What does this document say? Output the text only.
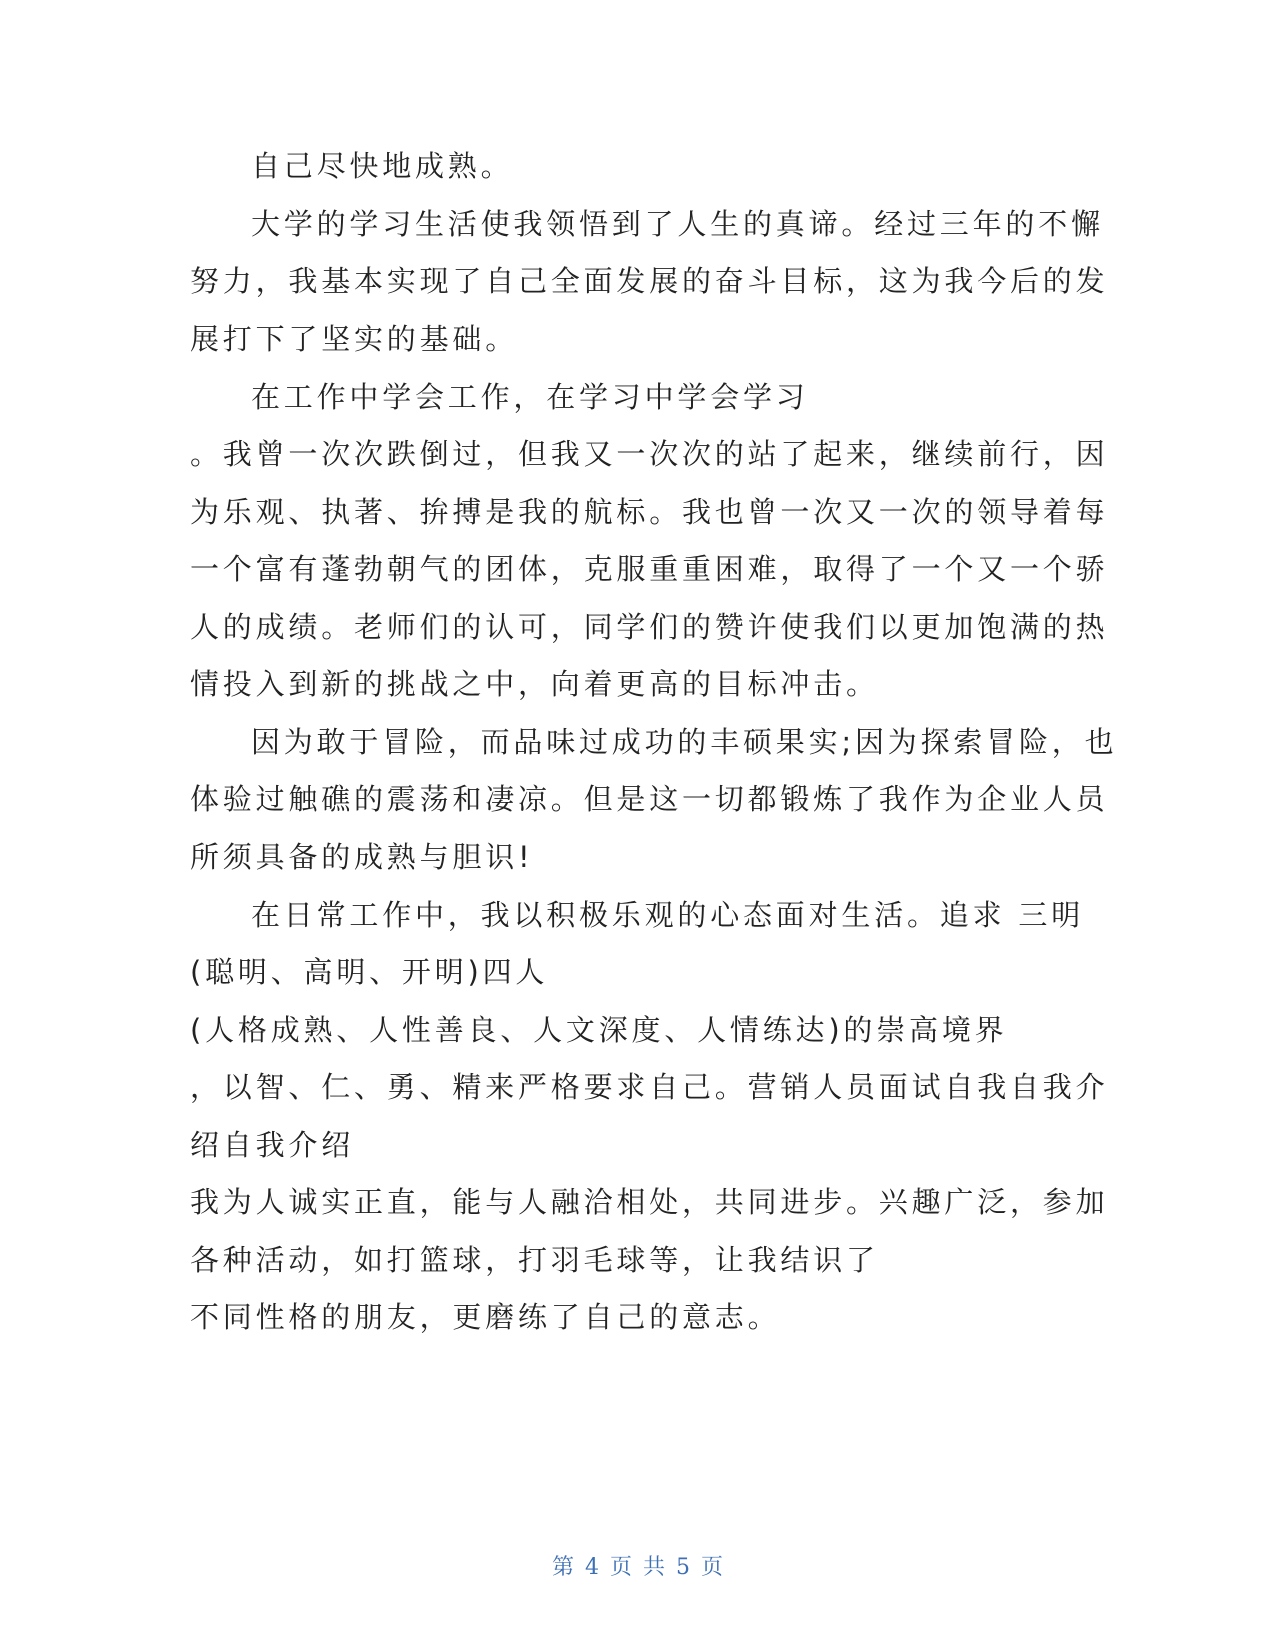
自己尽快地成熟。
大学的学习生活使我领悟到了人生的真谛。经过三年的不懈
努力，我基本实现了自己全面发展的奋斗目标，这为我今后的发
展打下了坚实的基础。
在工作中学会工作，在学习中学会学习
。我曾一次次跌倒过，但我又一次次的站了起来，继续前行，因
为乐观、执著、拚搏是我的航标。我也曾一次又一次的领导着每
一个富有蓬勃朝气的团体，克服重重困难，取得了一个又一个骄
人的成绩。老师们的认可，同学们的赞许使我们以更加饱满的热
情投入到新的挑战之中，向着更高的目标冲击。
因为敢于冒险，而品味过成功的丰硕果实;因为探索冒险，也
体验过触礁的震荡和凄凉。但是这一切都锻炼了我作为企业人员
所须具备的成熟与胆识!
在日常工作中，我以积极乐观的心态面对生活。追求 三明
(聪明、高明、开明)四人
(人格成熟、人性善良、人文深度、人情练达)的崇高境界
，以智、仁、勇、精来严格要求自己。营销人员面试自我自我介
绍自我介绍
我为人诚实正直，能与人融洽相处，共同进步。兴趣广泛，参加
各种活动，如打篮球，打羽毛球等，让我结识了
不同性格的朋友，更磨练了自己的意志。
第 4 页 共 5 页
